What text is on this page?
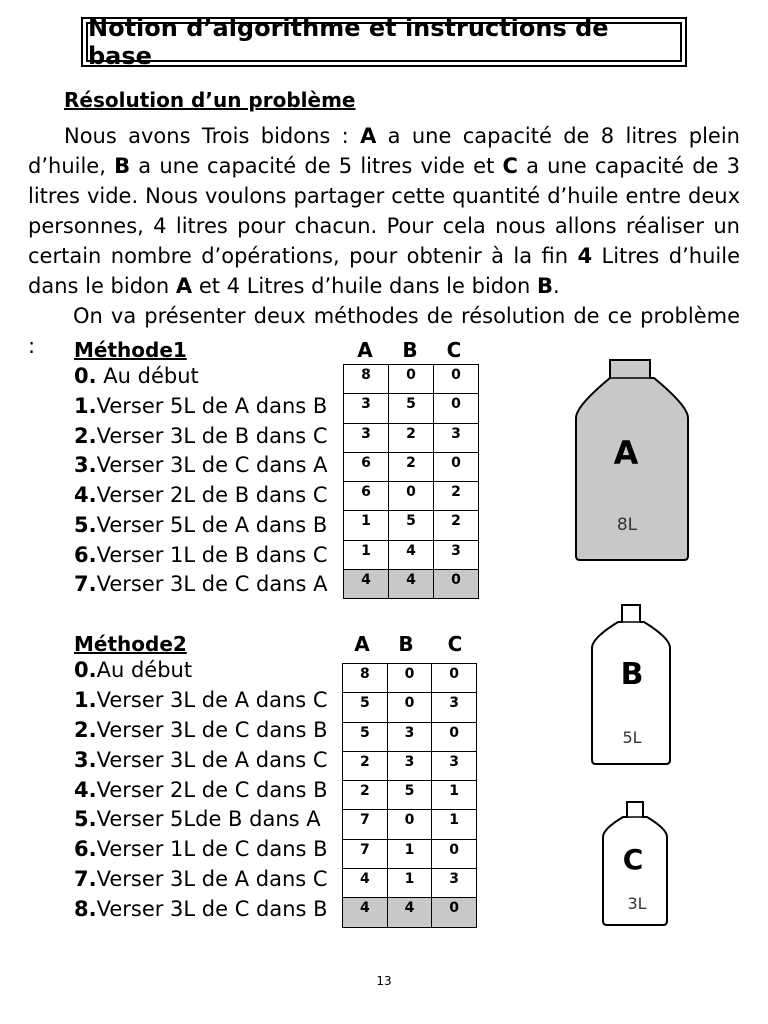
Notion d’algorithme et instructions de base
Résolution d’un problème

Nous avons Trois bidons : A a une capacité de 8 litres plein d’huile, B a une capacité de 5 litres vide et C a une capacité de 3 litres vide. Nous voulons partager cette quantité d’huile entre deux personnes, 4 litres pour chacun. Pour cela nous allons réaliser un certain nombre d’opérations, pour obtenir à la fin 4 Litres d’huile dans le bidon A et 4 Litres d’huile dans le bidon B.

On va présenter deux méthodes de résolution de ce problème :	Méthode1
0. Au début
1.Verser 5L de A dans B
2.Verser 3L de B dans C
3.Verser 3L de C dans A
4.Verser 2L de B dans C
5.Verser 5L de A dans B
6.Verser 1L de B dans C
7.Verser 3L de C dans A
A	B	C
8	0	0
3	5	0
3	2	3
6	2	0
6	0	2
1	5	2
1	4	3
4	4	0
Méthode2
0.Au début
1.Verser 3L de A dans C
2.Verser 3L de C dans B
3.Verser 3L de A dans C
4.Verser 2L de C dans B
5.Verser 5Lde B dans A
6.Verser 1L de C dans B
7.Verser 3L de A dans C
8.Verser 3L de C dans B
A	B	C
8	0	0
5	0	3
5	3	0
2	3	3
2	5	1
7	0	1
7	1	0
4	1	3
4	4	0
A
8L
B
5L
C
3L
13
